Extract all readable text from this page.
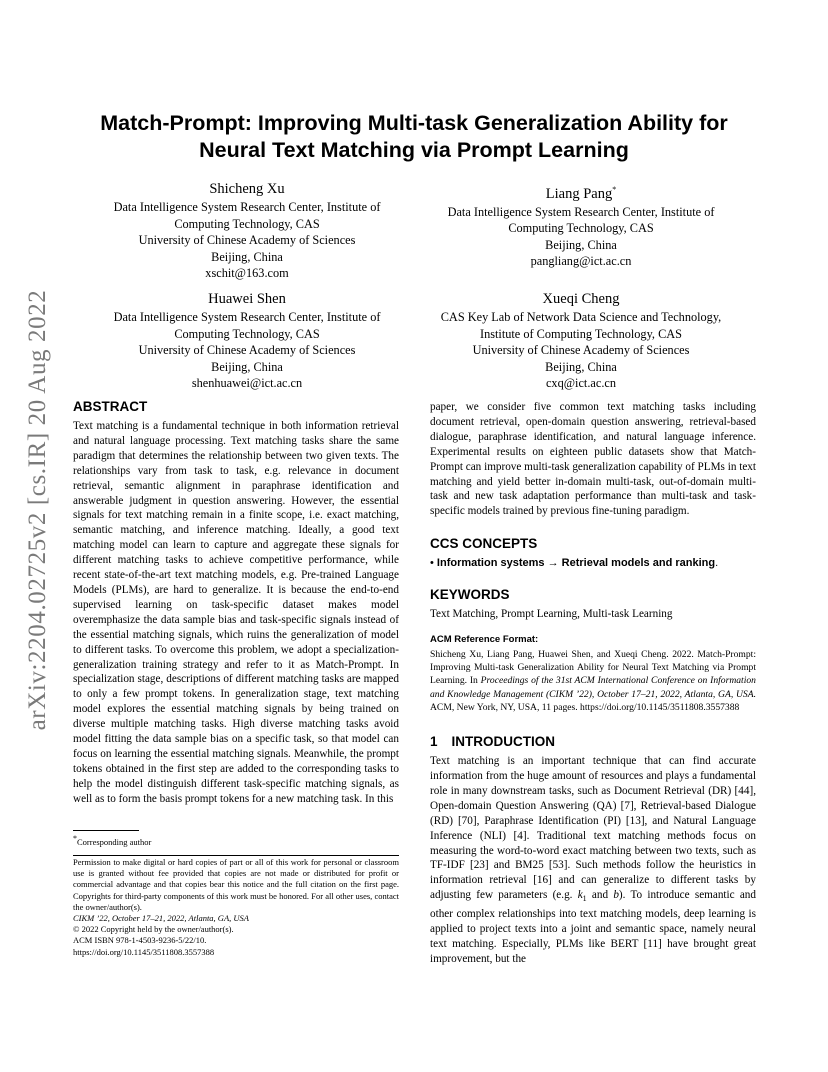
arXiv:2204.02725v2 [cs.IR] 20 Aug 2022
Match-Prompt: Improving Multi-task Generalization Ability for
Neural Text Matching via Prompt Learning
Shicheng Xu
Data Intelligence System Research Center, Institute of
Computing Technology, CAS
University of Chinese Academy of Sciences
Beijing, China
xschit@163.com
Liang Pang*
Data Intelligence System Research Center, Institute of
Computing Technology, CAS
Beijing, China
pangliang@ict.ac.cn
Huawei Shen
Data Intelligence System Research Center, Institute of
Computing Technology, CAS
University of Chinese Academy of Sciences
Beijing, China
shenhuawei@ict.ac.cn
Xueqi Cheng
CAS Key Lab of Network Data Science and Technology,
Institute of Computing Technology, CAS
University of Chinese Academy of Sciences
Beijing, China
cxq@ict.ac.cn
ABSTRACT

Text matching is a fundamental technique in both information retrieval and natural language processing. Text matching tasks share the same paradigm that determines the relationship between two given texts. The relationships vary from task to task, e.g. relevance in document retrieval, semantic alignment in paraphrase identification and answerable judgment in question answering. However, the essential signals for text matching remain in a finite scope, i.e. exact matching, semantic matching, and inference matching. Ideally, a good text matching model can learn to capture and aggregate these signals for different matching tasks to achieve competitive performance, while recent state-of-the-art text matching models, e.g. Pre-trained Language Models (PLMs), are hard to generalize. It is because the end-to-end supervised learning on task-specific dataset makes model overemphasize the data sample bias and task-specific signals instead of the essential matching signals, which ruins the generalization of model to different tasks. To overcome this problem, we adopt a specialization-generalization training strategy and refer to it as Match-Prompt. In specialization stage, descriptions of different matching tasks are mapped to only a few prompt tokens. In generalization stage, text matching model explores the essential matching signals by being trained on diverse multiple matching tasks. High diverse matching tasks avoid model fitting the data sample bias on a specific task, so that model can focus on learning the essential matching signals. Meanwhile, the prompt tokens obtained in the first step are added to the corresponding tasks to help the model distinguish different task-specific matching signals, as well as to form the basis prompt tokens for a new matching task. In this

*Corresponding author

Permission to make digital or hard copies of part or all of this work for personal or classroom use is granted without fee provided that copies are not made or distributed for profit or commercial advantage and that copies bear this notice and the full citation on the first page. Copyrights for third-party components of this work must be honored. For all other uses, contact the owner/author(s).

CIKM ’22, October 17–21, 2022, Atlanta, GA, USA
© 2022 Copyright held by the owner/author(s).
ACM ISBN 978-1-4503-9236-5/22/10.
https://doi.org/10.1145/3511808.3557388

paper, we consider five common text matching tasks including document retrieval, open-domain question answering, retrieval-based dialogue, paraphrase identification, and natural language inference. Experimental results on eighteen public datasets show that Match-Prompt can improve multi-task generalization capability of PLMs in text matching and yield better in-domain multi-task, out-of-domain multi-task and new task adaptation performance than multi-task and task-specific models trained by previous fine-tuning paradigm.

CCS CONCEPTS

• Information systems → Retrieval models and ranking.

KEYWORDS

Text Matching, Prompt Learning, Multi-task Learning

ACM Reference Format:

Shicheng Xu, Liang Pang, Huawei Shen, and Xueqi Cheng. 2022. Match-Prompt: Improving Multi-task Generalization Ability for Neural Text Matching via Prompt Learning. In Proceedings of the 31st ACM International Conference on Information and Knowledge Management (CIKM ’22), October 17–21, 2022, Atlanta, GA, USA. ACM, New York, NY, USA, 11 pages. https://doi.org/10.1145/3511808.3557388

1 INTRODUCTION

Text matching is an important technique that can find accurate information from the huge amount of resources and plays a fundamental role in many downstream tasks, such as Document Retrieval (DR) [44], Open-domain Question Answering (QA) [7], Retrieval-based Dialogue (RD) [70], Paraphrase Identification (PI) [13], and Natural Language Inference (NLI) [4]. Traditional text matching methods focus on measuring the word-to-word exact matching between two texts, such as TF-IDF [23] and BM25 [53]. Such methods follow the heuristics in information retrieval [16] and can generalize to different tasks by adjusting few parameters (e.g. $k_1$ and b). To introduce semantic and other complex relationships into text matching models, deep learning is applied to project texts into a joint and semantic space, namely neural text matching. Especially, PLMs like BERT [11] have brought great improvement, but the
